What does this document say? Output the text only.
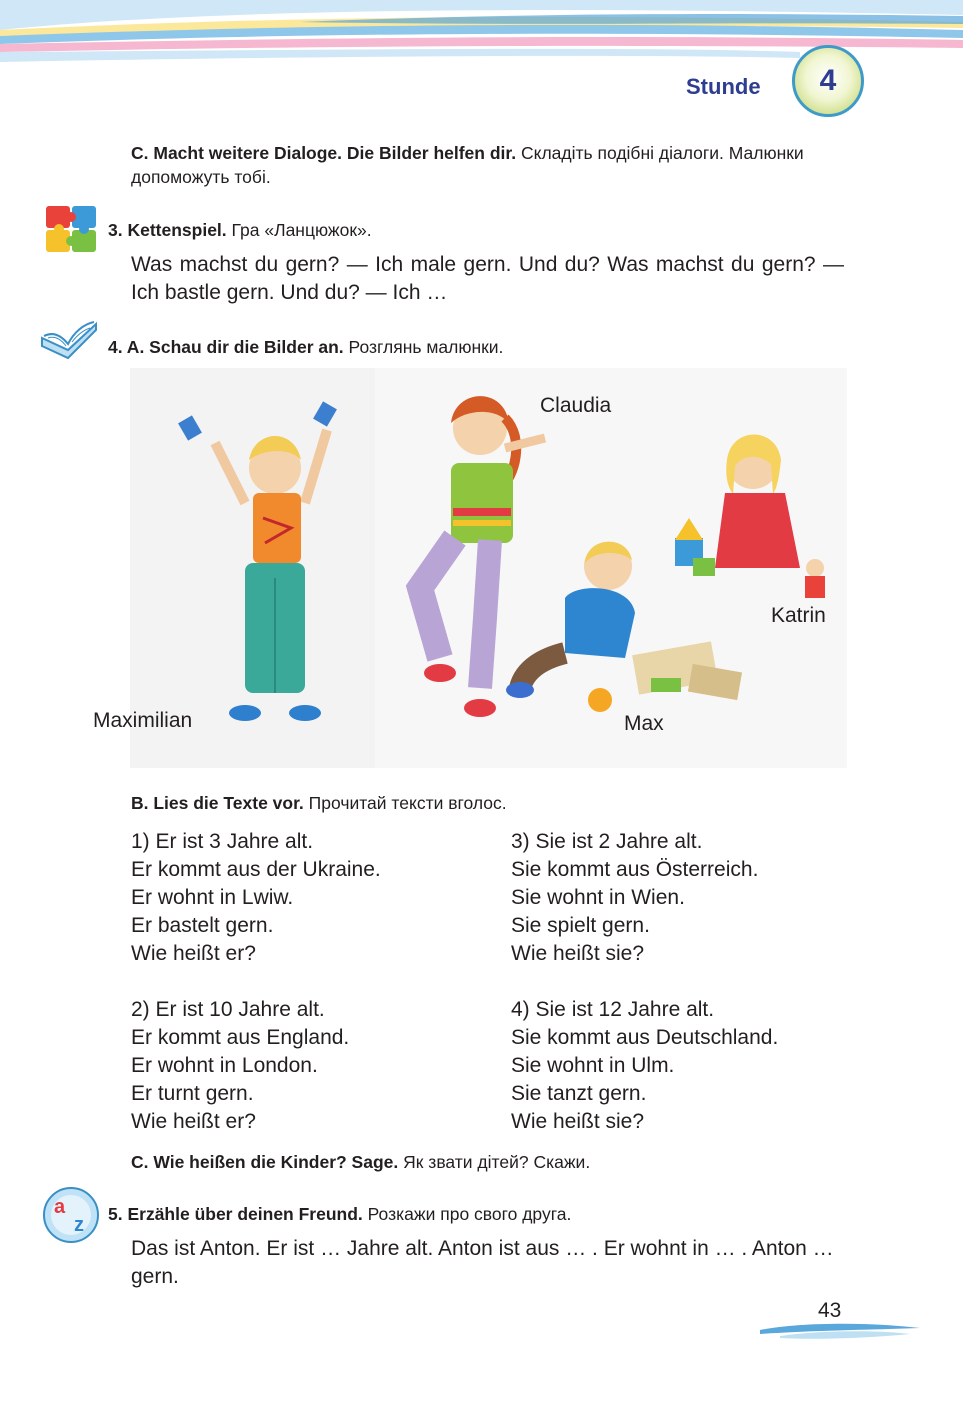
Stunde	4
C. Macht weitere Dialoge. Die Bilder helfen dir. Складіть подібні діалоги. Малюнки допоможуть тобі.
3. Kettenspiel. Гра «Ланцюжок».
Was machst du gern? — Ich male gern. Und du? Was machst du gern? — Ich bastle gern. Und du? — Ich …
4. A. Schau dir die Bilder an. Розглянь малюнки.
Claudia
Katrin
Maximilian	Max
B. Lies die Texte vor. Прочитай тексти вголос.
1) Er ist 3 Jahre alt.
Er kommt aus der Ukraine.
Er wohnt in Lwiw.
Er bastelt gern.
Wie heißt er?
3) Sie ist 2 Jahre alt.
Sie kommt aus Österreich.
Sie wohnt in Wien.
Sie spielt gern.
Wie heißt sie?
2) Er ist 10 Jahre alt.
Er kommt aus England.
Er wohnt in London.
Er turnt gern.
Wie heißt er?
4) Sie ist 12 Jahre alt.
Sie kommt aus Deutschland.
Sie wohnt in Ulm.
Sie tanzt gern.
Wie heißt sie?
C. Wie heißen die Kinder? Sage. Як звати дітей? Скажи.
a
z 5. Erzähle über deinen Freund. Розкажи про свого друга.
Das ist Anton. Er ist … Jahre alt. Anton ist aus … . Er wohnt in … . Anton … gern.
43
